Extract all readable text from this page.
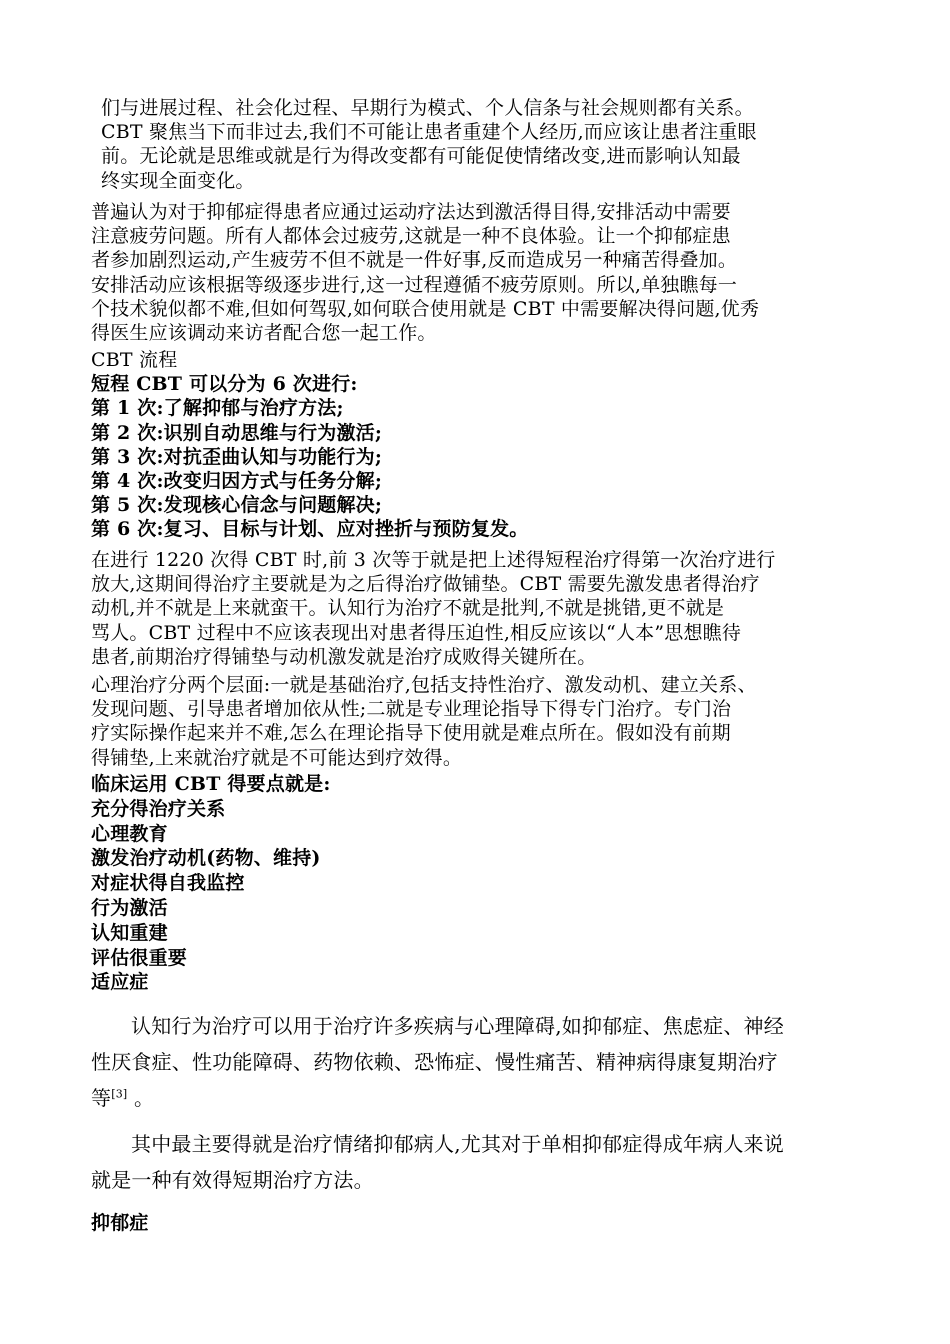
们与进展过程、社会化过程、早期行为模式、个人信条与社会规则都有关系。
CBT 聚焦当下而非过去,我们不可能让患者重建个人经历,而应该让患者注重眼
前。无论就是思维或就是行为得改变都有可能促使情绪改变,进而影响认知最
终实现全面变化。
普遍认为对于抑郁症得患者应通过运动疗法达到激活得目得,安排活动中需要
注意疲劳问题。所有人都体会过疲劳,这就是一种不良体验。让一个抑郁症患
者参加剧烈运动,产生疲劳不但不就是一件好事,反而造成另一种痛苦得叠加。
安排活动应该根据等级逐步进行,这一过程遵循不疲劳原则。所以,单独瞧每一
个技术貌似都不难,但如何驾驭,如何联合使用就是 CBT 中需要解决得问题,优秀
得医生应该调动来访者配合您一起工作。
CBT 流程
短程 CBT 可以分为 6 次进行:
第 1 次:了解抑郁与治疗方法;
第 2 次:识别自动思维与行为激活;
第 3 次:对抗歪曲认知与功能行为;
第 4 次:改变归因方式与任务分解;
第 5 次:发现核心信念与问题解决;
第 6 次:复习、目标与计划、应对挫折与预防复发。
在进行 1220 次得 CBT 时,前 3 次等于就是把上述得短程治疗得第一次治疗进行
放大,这期间得治疗主要就是为之后得治疗做铺垫。CBT 需要先激发患者得治疗
动机,并不就是上来就蛮干。认知行为治疗不就是批判,不就是挑错,更不就是
骂人。CBT 过程中不应该表现出对患者得压迫性,相反应该以“人本”思想瞧待
患者,前期治疗得铺垫与动机激发就是治疗成败得关键所在。
心理治疗分两个层面:一就是基础治疗,包括支持性治疗、激发动机、建立关系、
发现问题、引导患者增加依从性;二就是专业理论指导下得专门治疗。专门治
疗实际操作起来并不难,怎么在理论指导下使用就是难点所在。假如没有前期
得铺垫,上来就治疗就是不可能达到疗效得。
临床运用 CBT 得要点就是:
充分得治疗关系
心理教育
激发治疗动机(药物、维持)
对症状得自我监控
行为激活
认知重建
评估很重要
适应症
认知行为治疗可以用于治疗许多疾病与心理障碍,如抑郁症、焦虑症、神经
性厌食症、性功能障碍、药物依赖、恐怖症、慢性痛苦、精神病得康复期治疗
等[3] 。
其中最主要得就是治疗情绪抑郁病人,尤其对于单相抑郁症得成年病人来说
就是一种有效得短期治疗方法。
抑郁症
